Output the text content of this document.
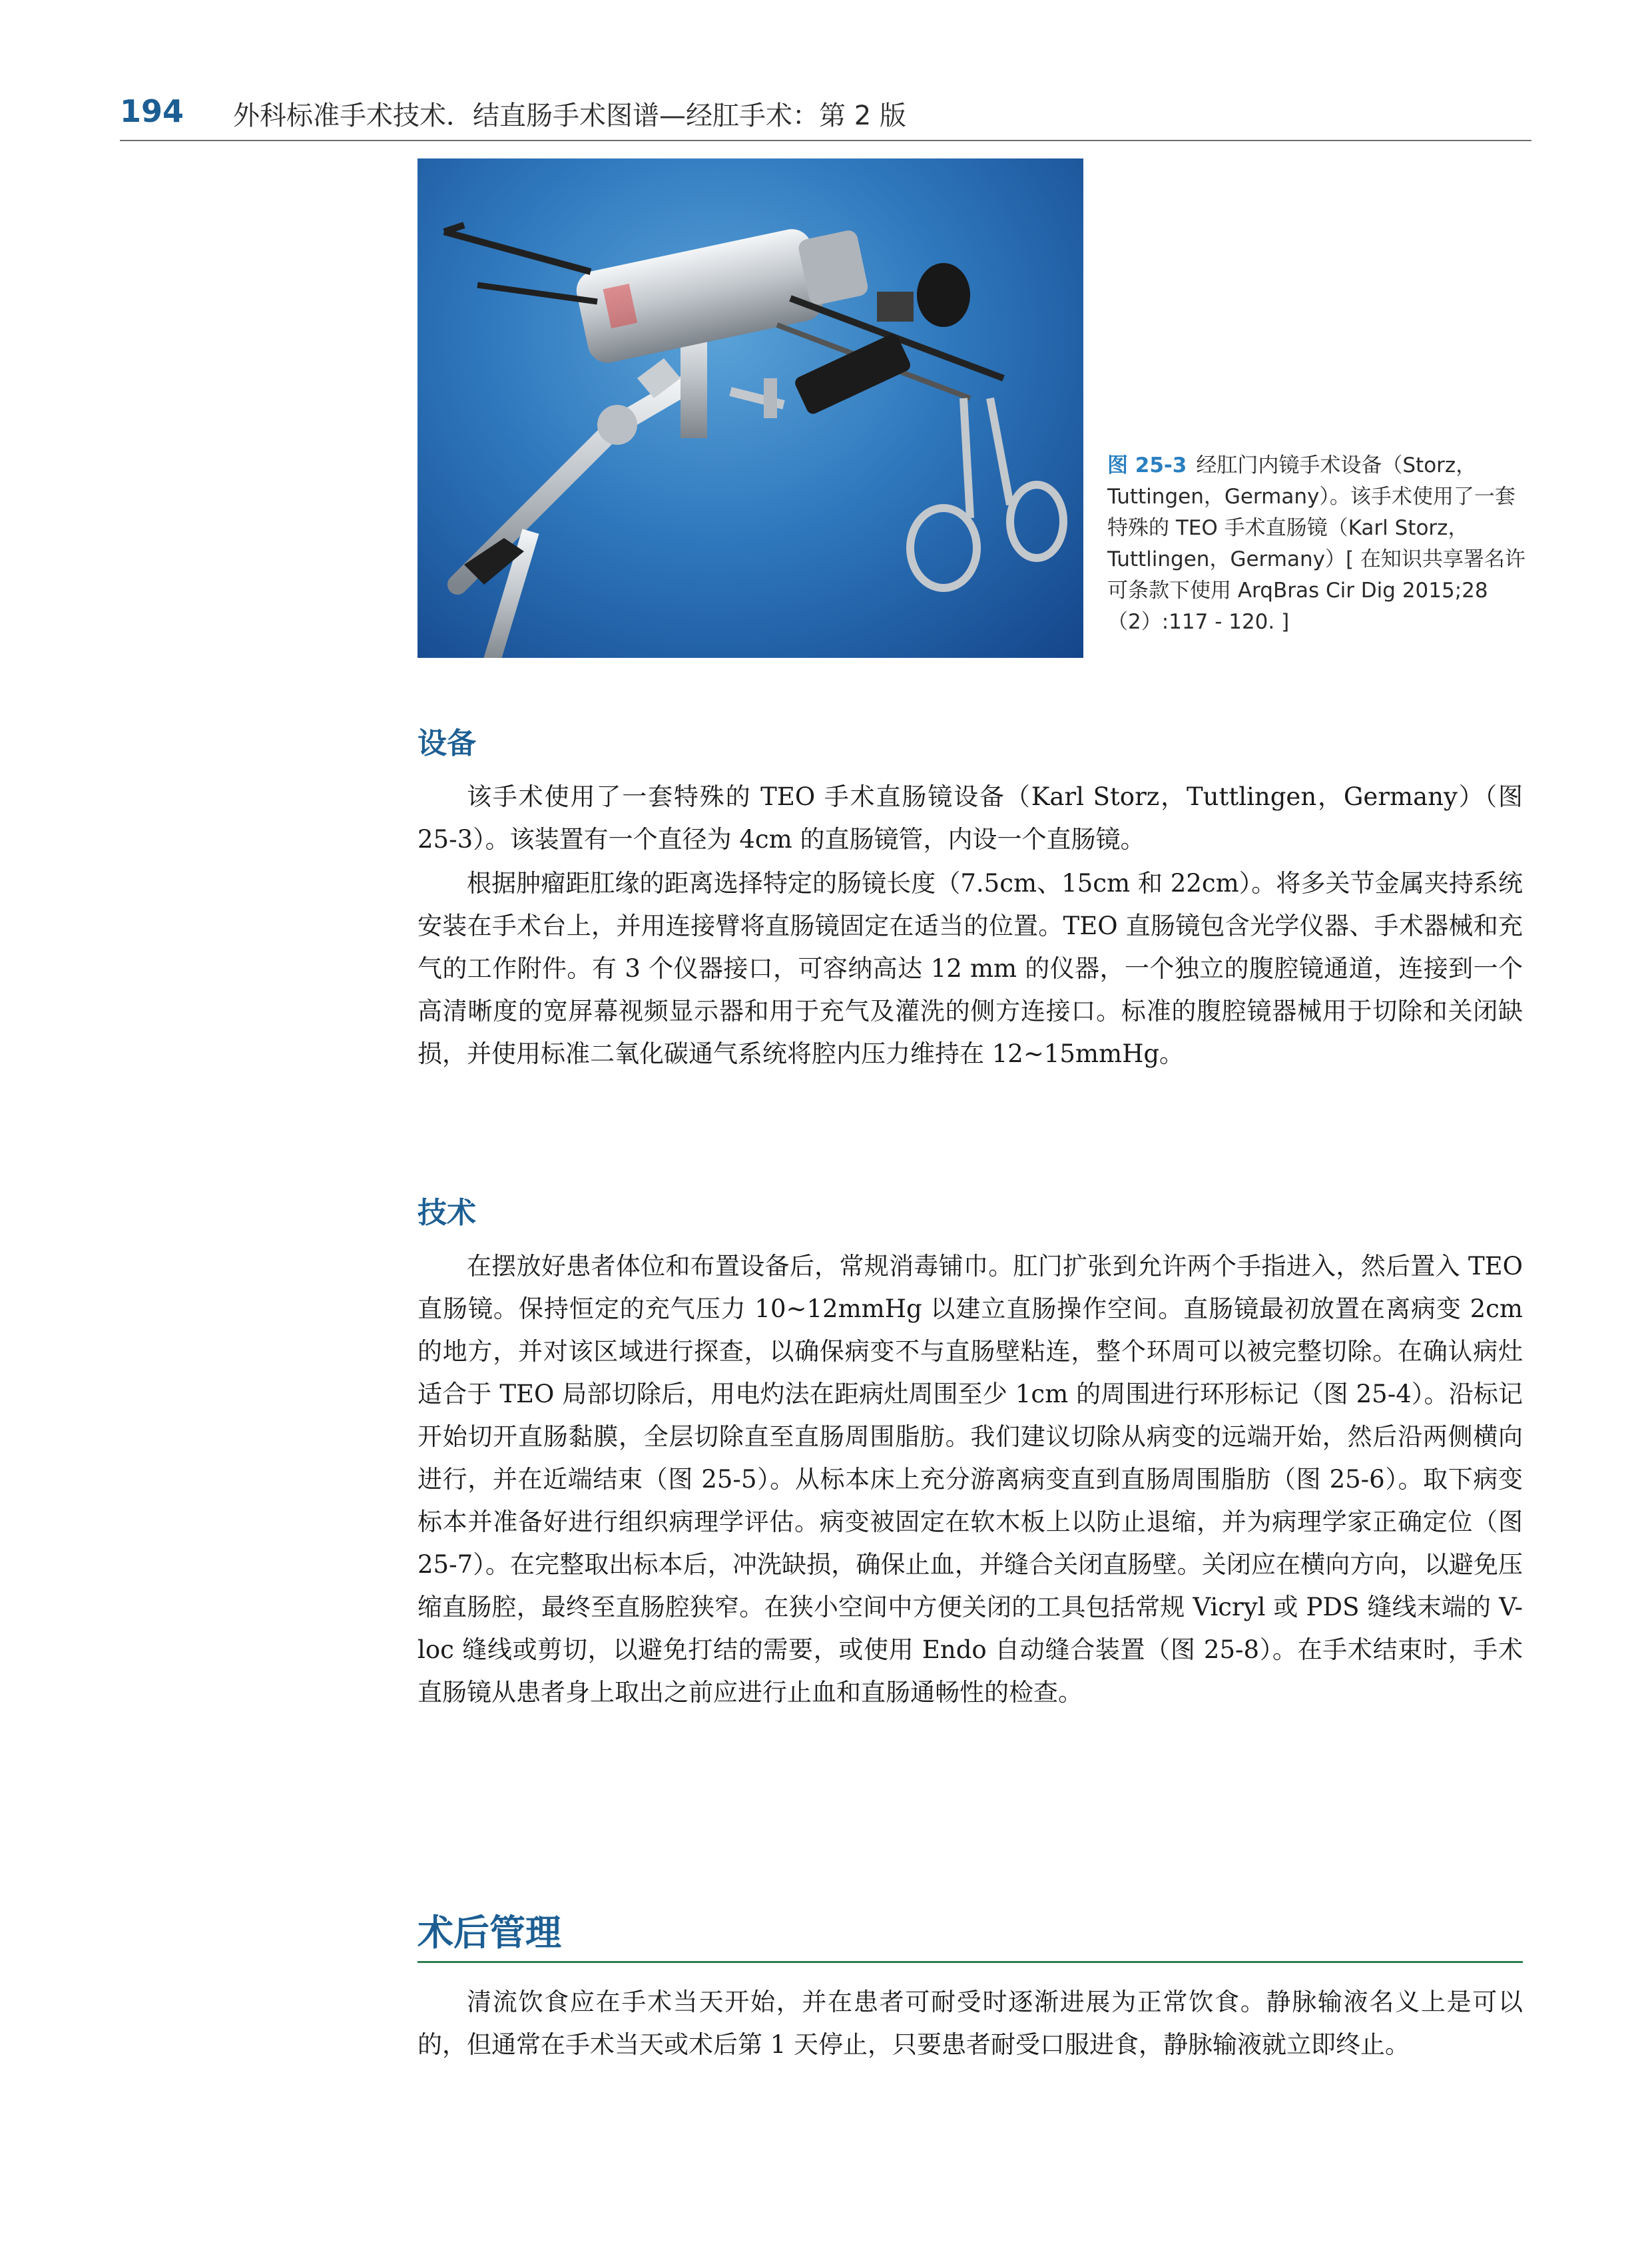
194 外科标准手术技术．结直肠手术图谱—经肛手术：第 2 版
图 25-3 经肛门内镜手术设备（Storz，Tuttingen，Germany）。该手术使用了一套特殊的 TEO 手术直肠镜（Karl Storz，Tuttlingen，Germany）[ 在知识共享署名许可条款下使用 ArqBras Cir Dig 2015;28（2）:117 - 120. ]
设备

该手术使用了一套特殊的 TEO 手术直肠镜设备（Karl Storz，Tuttlingen，Germany）（图 25-3）。该装置有一个直径为 4cm 的直肠镜管，内设一个直肠镜。

根据肿瘤距肛缘的距离选择特定的肠镜长度（7.5cm、15cm 和 22cm）。将多关节金属夹持系统安装在手术台上，并用连接臂将直肠镜固定在适当的位置。TEO 直肠镜包含光学仪器、手术器械和充气的工作附件。有 3 个仪器接口，可容纳高达 12 mm 的仪器，一个独立的腹腔镜通道，连接到一个高清晰度的宽屏幕视频显示器和用于充气及灌洗的侧方连接口。标准的腹腔镜器械用于切除和关闭缺损，并使用标准二氧化碳通气系统将腔内压力维持在 12~15mmHg。

技术

在摆放好患者体位和布置设备后，常规消毒铺巾。肛门扩张到允许两个手指进入，然后置入 TEO 直肠镜。保持恒定的充气压力 10~12mmHg 以建立直肠操作空间。直肠镜最初放置在离病变 2cm 的地方，并对该区域进行探查，以确保病变不与直肠壁粘连，整个环周可以被完整切除。在确认病灶适合于 TEO 局部切除后，用电灼法在距病灶周围至少 1cm 的周围进行环形标记（图 25-4）。沿标记开始切开直肠黏膜，全层切除直至直肠周围脂肪。我们建议切除从病变的远端开始，然后沿两侧横向进行，并在近端结束（图 25-5）。从标本床上充分游离病变直到直肠周围脂肪（图 25-6）。取下病变标本并准备好进行组织病理学评估。病变被固定在软木板上以防止退缩，并为病理学家正确定位（图 25-7）。在完整取出标本后，冲洗缺损，确保止血，并缝合关闭直肠壁。关闭应在横向方向，以避免压缩直肠腔，最终至直肠腔狭窄。在狭小空间中方便关闭的工具包括常规 Vicryl 或 PDS 缝线末端的 V-loc 缝线或剪切，以避免打结的需要，或使用 Endo 自动缝合装置（图 25-8）。在手术结束时，手术直肠镜从患者身上取出之前应进行止血和直肠通畅性的检查。

术后管理

清流饮食应在手术当天开始，并在患者可耐受时逐渐进展为正常饮食。静脉输液名义上是可以的，但通常在手术当天或术后第 1 天停止，只要患者耐受口服进食，静脉输液就立即终止。
